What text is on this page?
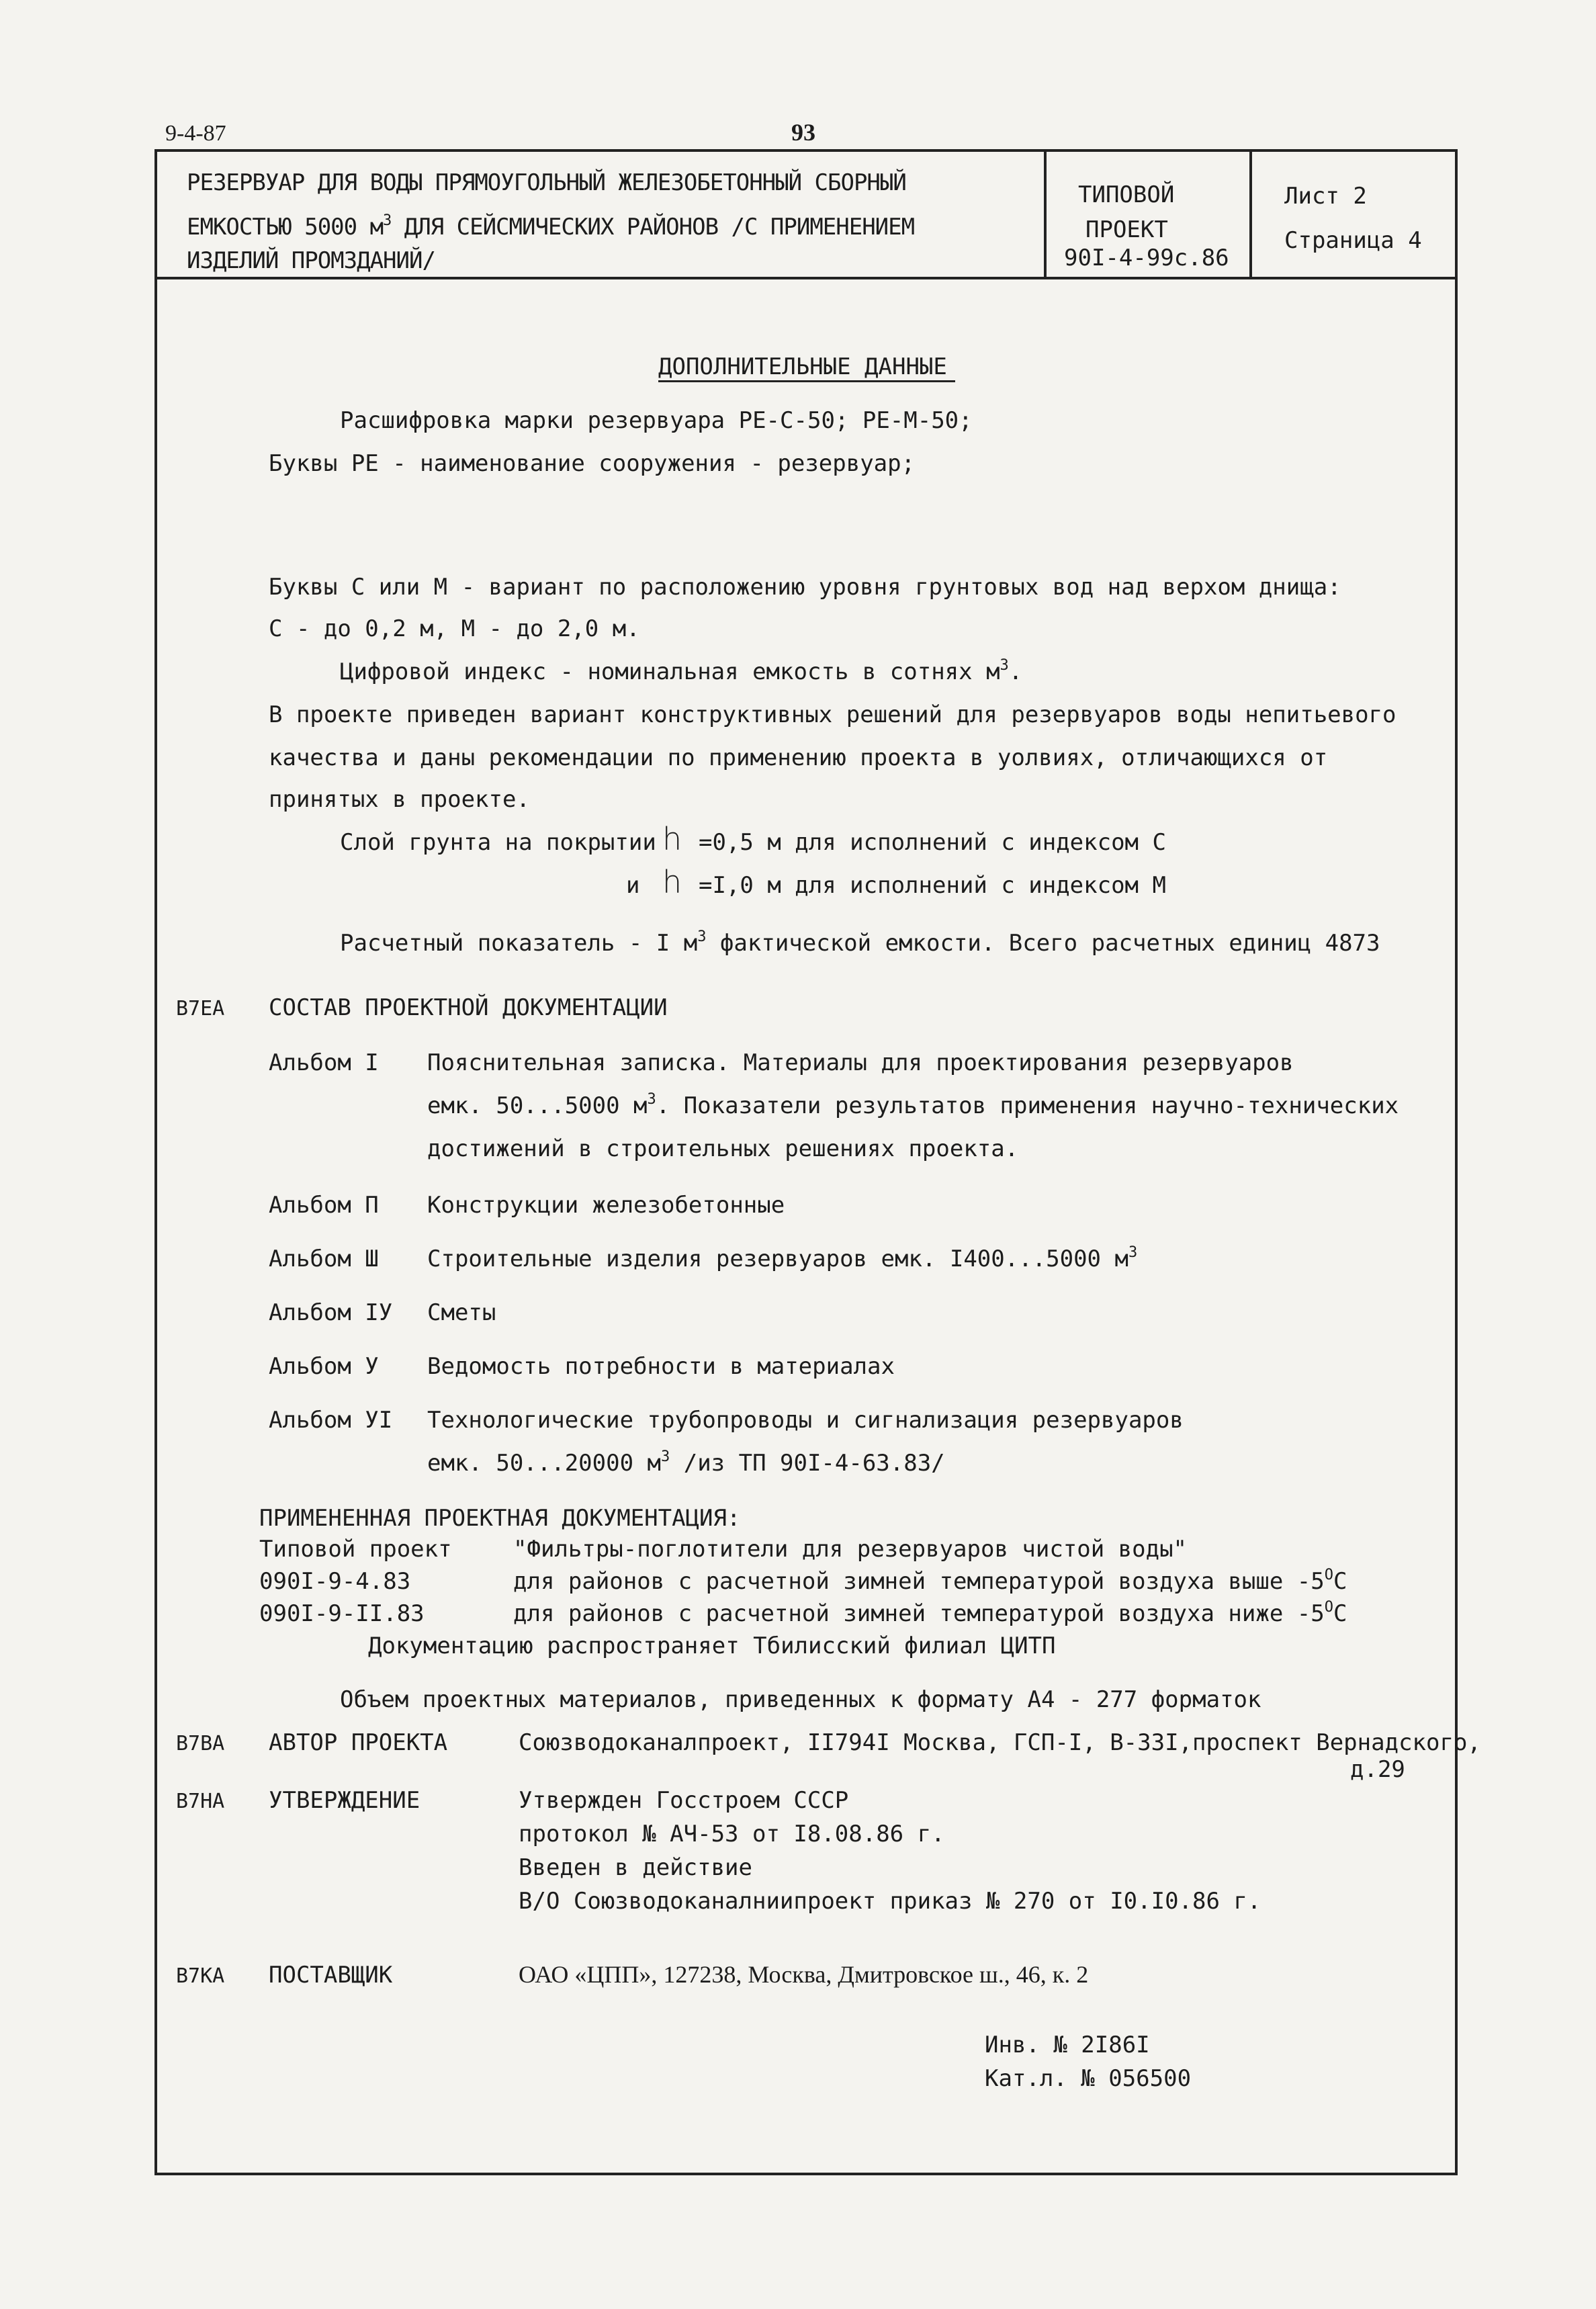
9-4-87	93
РЕЗЕРВУАР ДЛЯ ВОДЫ ПРЯМОУГОЛЬНЫЙ ЖЕЛЕЗОБЕТОННЫЙ СБОРНЫЙ
ЕМКОСТЬЮ 5000 $м^3$ ДЛЯ СЕЙСМИЧЕСКИХ РАЙОНОВ /С ПРИМЕНЕНИЕМ
ИЗДЕЛИЙ ПРОМЗДАНИЙ/
ТИПОВОЙ
ПРОЕКТ
90I-4-99с.86
Лист 2
Страница 4
ДОПОЛНИТЕЛЬНЫЕ ДАННЫЕ
Расшифровка марки резервуара РЕ-С-50; РЕ-М-50;
Буквы РЕ - наименование сооружения - резервуар;
Буквы С или М - вариант по расположению уровня грунтовых вод над верхом днища:
С - до 0,2 м, М - до 2,0 м.
Цифровой индекс - номинальная емкость в сотнях $м^3$.
В проекте приведен вариант конструктивных решений для резервуаров воды непитьевого
качества и даны рекомендации по применению проекта в уолвиях, отличающихся от
принятых в проекте.
Слой грунта на покрытии h =0,5 м для исполнений с индексом С
и h =I,0 м для исполнений с индексом М
Расчетный показатель - I $м^3$ фактической емкости. Всего расчетных единиц 4873
В7ЕА СОСТАВ ПРОЕКТНОЙ ДОКУМЕНТАЦИИ
Альбом I Пояснительная записка. Материалы для проектирования резервуаров
емк. 50...5000 $м^3$. Показатели результатов применения научно-технических
достижений в строительных решениях проекта.
Альбом П Конструкции железобетонные
Альбом Ш Строительные изделия резервуаров емк. I400...5000 $м^3$
Альбом IУ Сметы
Альбом У Ведомость потребности в материалах
Альбом УI Технологические трубопроводы и сигнализация резервуаров
емк. 50...20000 $м^3$ /из ТП 90I-4-63.83/
ПРИМЕНЕННАЯ ПРОЕКТНАЯ ДОКУМЕНТАЦИЯ:
Типовой проект	"Фильтры-поглотители для резервуаров чистой воды"
090I-9-4.83	для районов с расчетной зимней температурой воздуха выше $-5^ОС$
090I-9-II.83	для районов с расчетной зимней температурой воздуха ниже $-5^ОС$
Документацию распространяет Тбилисский филиал ЦИТП
Объем проектных материалов, приведенных к формату А4 - 277 форматок
В7ВА АВТОР ПРОЕКТА	Союзводоканалпроект, II794I Москва, ГСП-I, В-33I,проспект Вернадского,
д.29
В7НА УТВЕРЖДЕНИЕ	Утвержден Госстроем СССР
протокол № АЧ-53 от I8.08.86 г.
Введен в действие
В/О Союзводоканалниипроект приказ № 270 от I0.I0.86 г.
В7КА ПОСТАВЩИК	ОАО «ЦПП», 127238, Москва, Дмитровское ш., 46, к. 2
Инв. № 2I86I
Кат.л. № 056500
